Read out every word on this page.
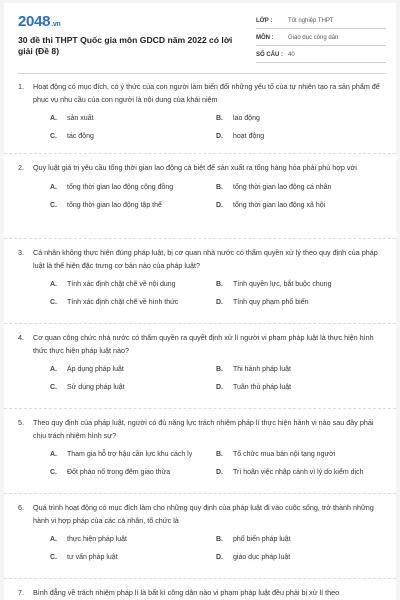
2048.vn
30 đề thi THPT Quốc gia môn GDCD năm 2022 có lời giải (Đề 8)
LỚP :	Tốt nghiệp THPT
MÔN :	Giáo dục công dân
SỐ CÂU : 40
1.	Hoạt động có mục đích, có ý thức của con người làm biến đổi những yếu tố của tự nhiên tạo ra sản phẩm để phục vụ nhu cầu của con người là nội dung của khái niệm
A.	sản xuất	B.	lao động
C.	tác động	D.	hoạt động
2.	Quy luật giá trị yêu cầu tổng thời gian lao động cá biệt để sản xuất ra tổng hàng hóa phải phù hợp với
A.	tổng thời gian lao động cộng đồng	B.	tổng thời gian lao động cá nhân
C.	tổng thời gian lao động tập thể	D.	tổng thời gian lao động xã hội
3.	Cá nhân không thực hiện đúng pháp luật, bị cơ quan nhà nước có thẩm quyền xử lý theo quy định của pháp luật là thể hiện đặc trưng cơ bản nào của pháp luật?
A.	Tính xác định chặt chẽ về nội dung	B.	Tính quyền lực, bắt buộc chung
C.	Tính xác định chặt chẽ về hình thức	D.	Tính quy phạm phổ biến
4.	Cơ quan công chức nhà nước có thẩm quyền ra quyết định xử lí người vi phạm pháp luật là thực hiện hình thức thực hiện pháp luật nào?
A.	Áp dụng pháp luật	B.	Thi hành pháp luật
C.	Sử dụng pháp luật	D.	Tuân thủ pháp luật
5.	Theo quy định của pháp luật, người có đủ năng lực trách nhiệm pháp lí thực hiện hành vi nào sau đây phải chịu trách nhiệm hình sự?
A.	Tham gia hỗ trợ hậu cần lực khu cách ly	B.	Tổ chức mua bán nội tạng người
C.	Đốt pháo nổ trong đêm giao thừa	D.	Trì hoãn việc nhập cảnh vì lý do kiểm dịch
6.	Quá trình hoạt động có mục đích làm cho những quy định của pháp luật đi vào cuộc sống, trở thành những hành vi hợp pháp của các cá nhân, tổ chức là
A.	thực hiện pháp luật	B.	phổ biến pháp luật
C.	tư vấn pháp luật	D.	giáo dục pháp luật
7.	Bình đẳng về trách nhiệm pháp lí là bất kì công dân nào vi phạm pháp luật đều phải bị xử lí theo
